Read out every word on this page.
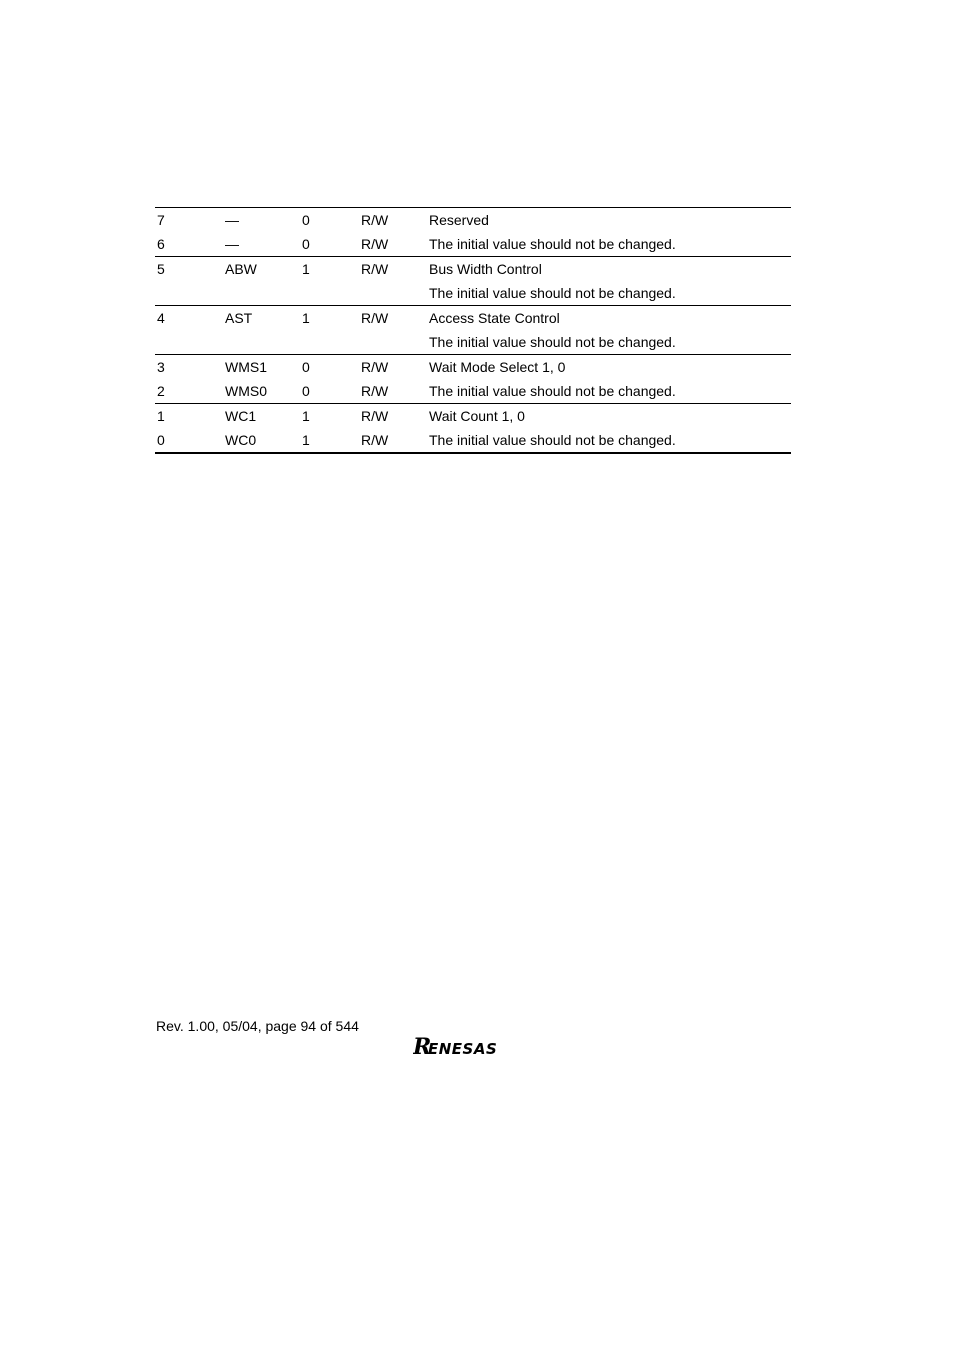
7	—	0	R/W	Reserved
6	—	0	R/W	The initial value should not be changed.
5	ABW	1	R/W	Bus Width Control
				The initial value should not be changed.
4	AST	1	R/W	Access State Control
				The initial value should not be changed.
3	WMS1	0	R/W	Wait Mode Select 1, 0
2	WMS0	0	R/W	The initial value should not be changed.
1	WC1	1	R/W	Wait Count 1, 0
0	WC0	1	R/W	The initial value should not be changed.
Rev. 1.00, 05/04, page 94 of 544
R
ENESAS
